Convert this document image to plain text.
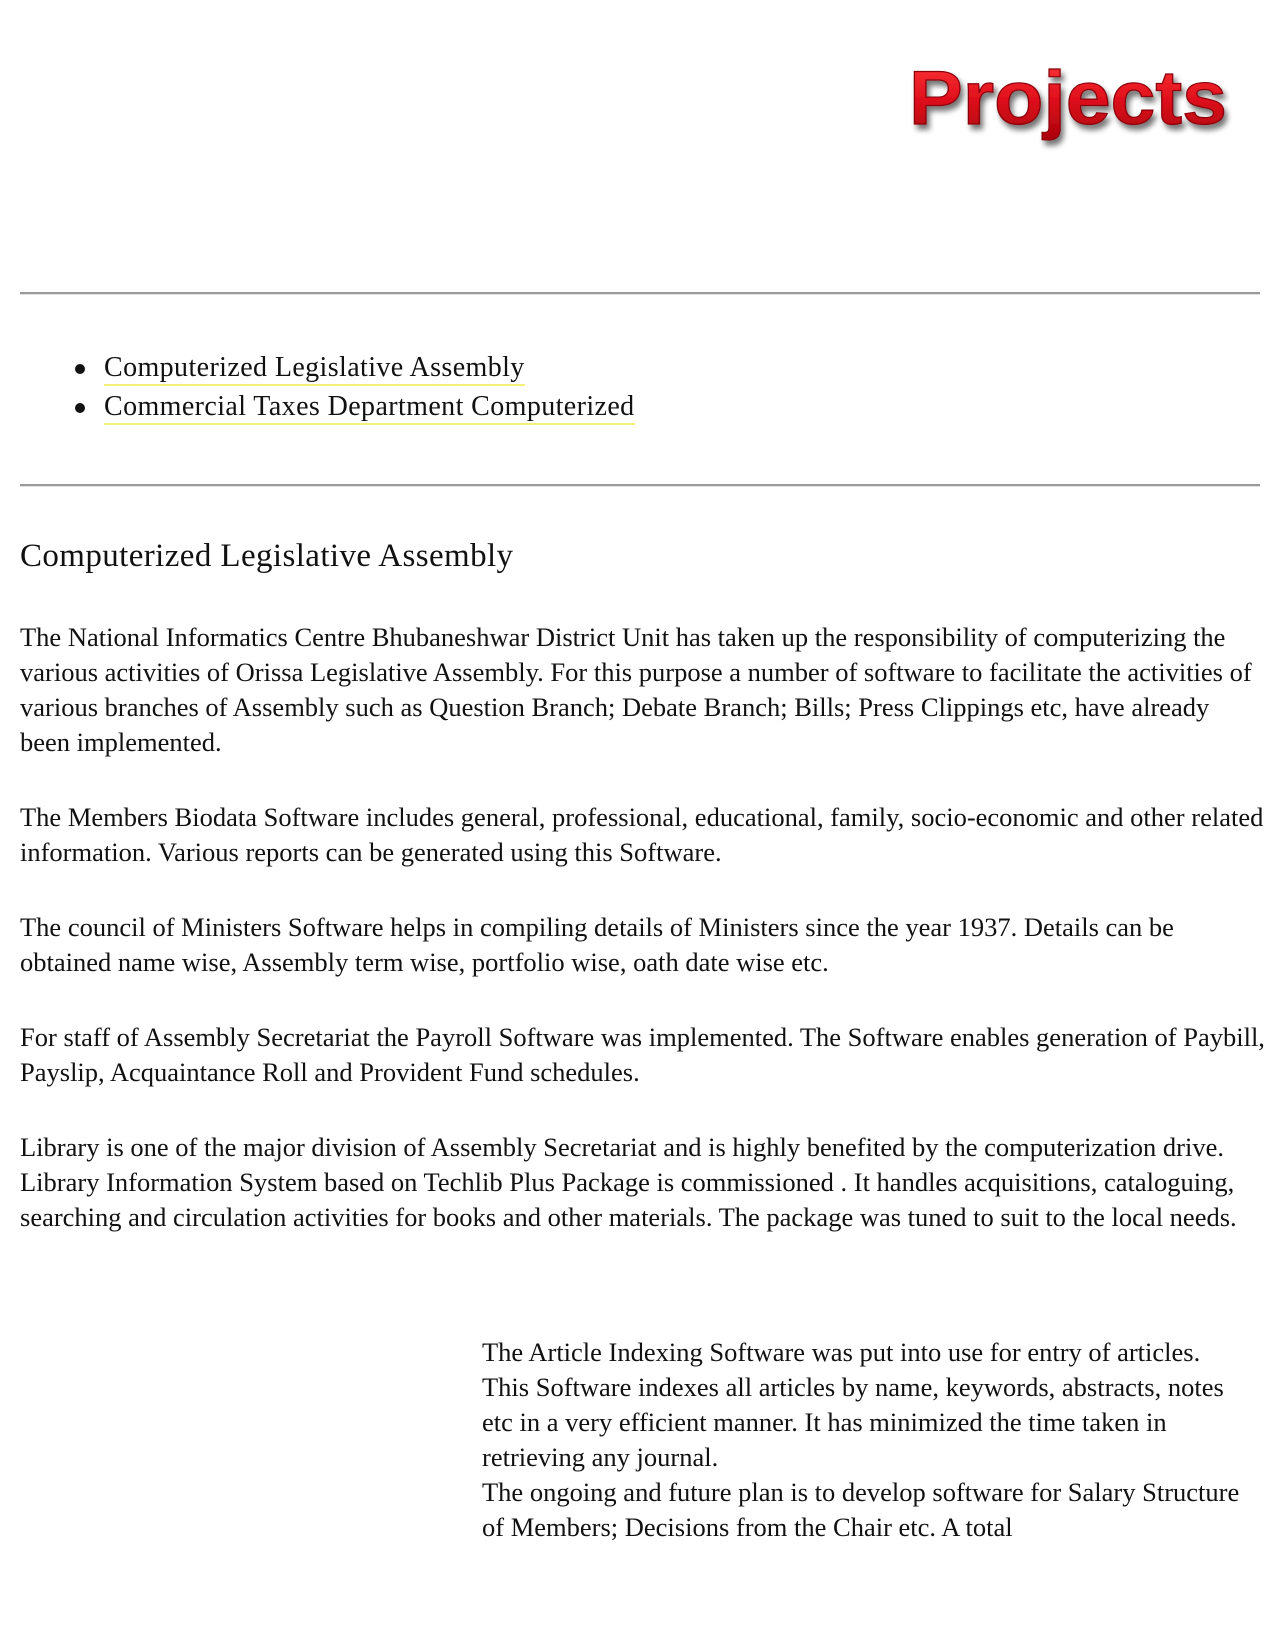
Projects
Computerized Legislative Assembly
Commercial Taxes Department Computerized
Computerized Legislative Assembly

The National Informatics Centre Bhubaneshwar District Unit has taken up the responsibility of computerizing the various activities of Orissa Legislative Assembly. For this purpose a number of software to facilitate the activities of various branches of Assembly such as Question Branch; Debate Branch; Bills; Press Clippings etc, have already been implemented.

The Members Biodata Software includes general, professional, educational, family, socio-economic and other related information. Various reports can be generated using this Software.

The council of Ministers Software helps in compiling details of Ministers since the year 1937. Details can be obtained name wise, Assembly term wise, portfolio wise, oath date wise etc.

For staff of Assembly Secretariat the Payroll Software was implemented. The Software enables generation of Paybill, Payslip, Acquaintance Roll and Provident Fund schedules.

Library is one of the major division of Assembly Secretariat and is highly benefited by the computerization drive. Library Information System based on Techlib Plus Package is commissioned . It handles acquisitions, cataloguing, searching and circulation activities for books and other materials. The package was tuned to suit to the local needs.

The Article Indexing Software was put into use for entry of articles. This Software indexes all articles by name, keywords, abstracts, notes etc in a very efficient manner. It has minimized the time taken in retrieving any journal.

The ongoing and future plan is to develop software for Salary Structure of Members; Decisions from the Chair etc. A total
